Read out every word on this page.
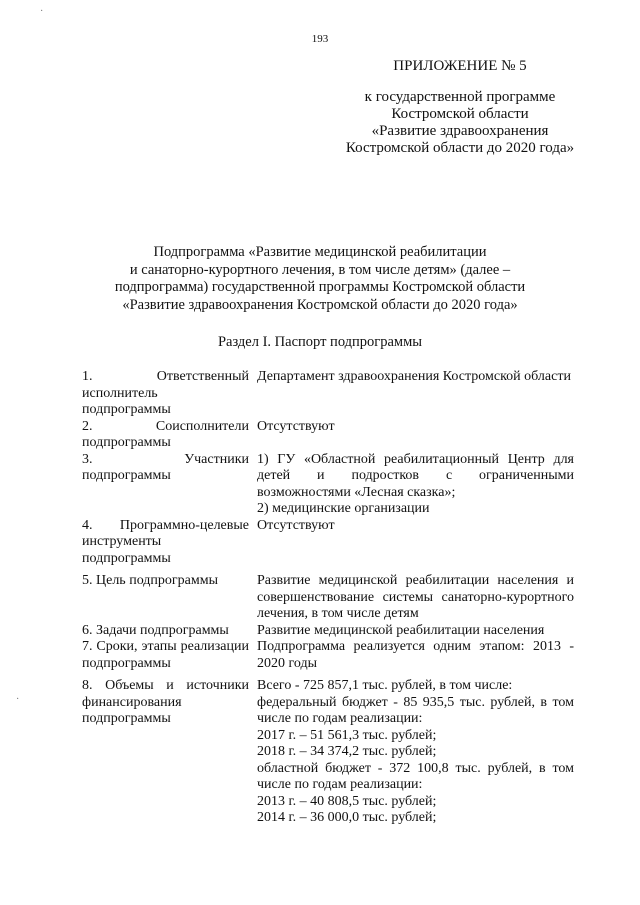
193
ПРИЛОЖЕНИЕ № 5
к государственной программе
Костромской области
«Развитие здравоохранения
Костромской области до 2020 года»
Подпрограмма «Развитие медицинской реабилитации
и санаторно-курортного лечения, в том числе детям» (далее –
подпрограмма) государственной программы Костромской области
«Развитие здравоохранения Костромской области до 2020 года»
Раздел I. Паспорт подпрограммы
1. Ответственный исполнитель подпрограммы
Департамент здравоохранения Костромской области
2. Соисполнители подпрограммы
Отсутствуют
3. Участники подпрограммы
1) ГУ «Областной реабилитационный Центр для детей и подростков с ограниченными возможностями «Лесная сказка»;
2) медицинские организации
4. Программно-целевые инструменты подпрограммы
Отсутствуют
5. Цель подпрограммы	Развитие медицинской реабилитации населения и совершенствование системы санаторно-курортного лечения, в том числе детям
6. Задачи подпрограммы	Развитие медицинской реабилитации населения
7. Сроки, этапы реализации подпрограммы
Подпрограмма реализуется одним этапом: 2013 - 2020 годы
8. Объемы и источники финансирования подпрограммы
Всего - 725 857,1 тыс. рублей, в том числе:
федеральный бюджет - 85 935,5 тыс. рублей, в том числе по годам реализации:
2017 г. – 51 561,3 тыс. рублей;
2018 г. – 34 374,2 тыс. рублей;
областной бюджет - 372 100,8 тыс. рублей, в том числе по годам реализации:
2013 г. – 40 808,5 тыс. рублей;
2014 г. – 36 000,0 тыс. рублей;
·
·
